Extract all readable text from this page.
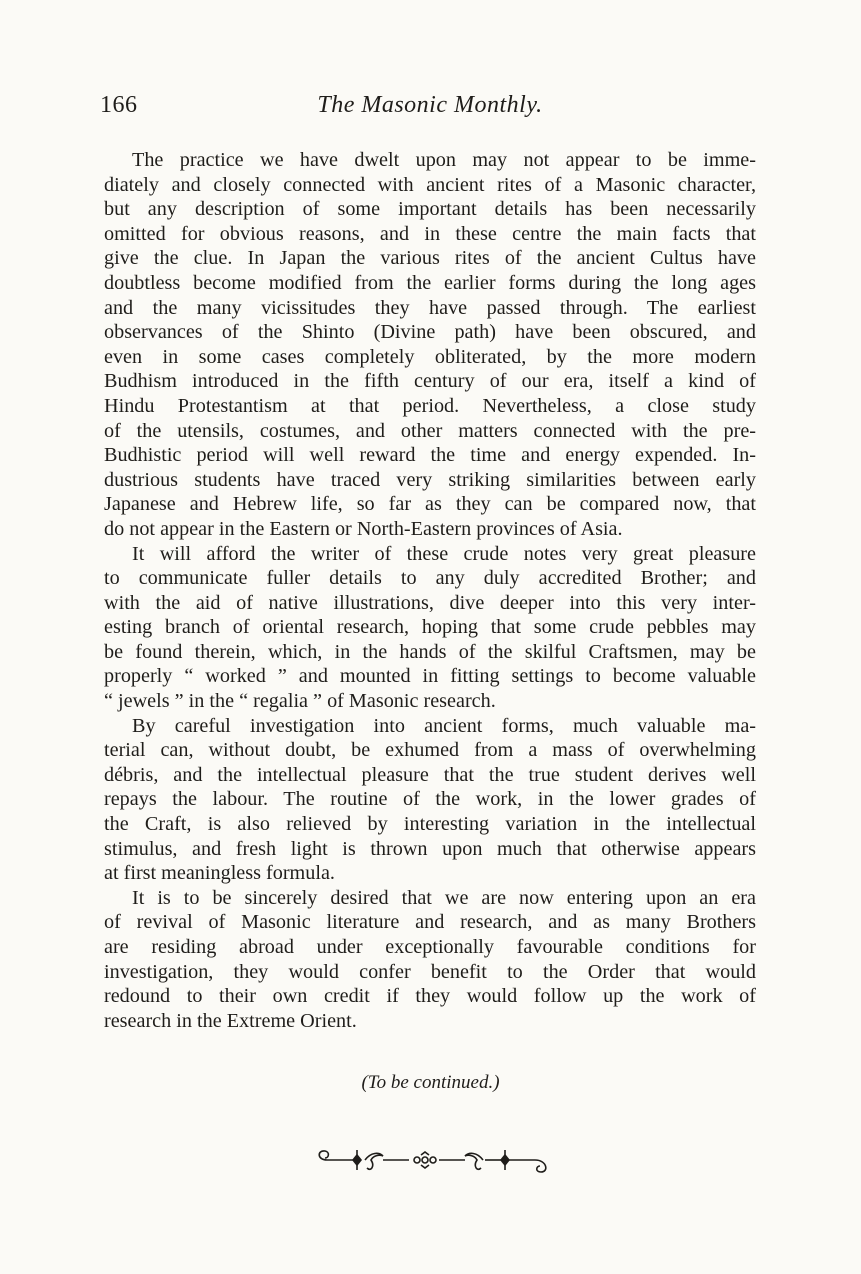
166	The Masonic Monthly.

The practice we have dwelt upon may not appear to be imme-
diately and closely connected with ancient rites of a Masonic character,
but any description of some important details has been necessarily
omitted for obvious reasons, and in these centre the main facts that
give the clue. In Japan the various rites of the ancient Cultus have
doubtless become modified from the earlier forms during the long ages
and the many vicissitudes they have passed through. The earliest
observances of the Shinto (Divine path) have been obscured, and
even in some cases completely obliterated, by the more modern
Budhism introduced in the fifth century of our era, itself a kind of
Hindu Protestantism at that period. Nevertheless, a close study
of the utensils, costumes, and other matters connected with the pre-
Budhistic period will well reward the time and energy expended. In-
dustrious students have traced very striking similarities between early
Japanese and Hebrew life, so far as they can be compared now, that
do not appear in the Eastern or North-Eastern provinces of Asia.

It will afford the writer of these crude notes very great pleasure
to communicate fuller details to any duly accredited Brother; and
with the aid of native illustrations, dive deeper into this very inter-
esting branch of oriental research, hoping that some crude pebbles may
be found therein, which, in the hands of the skilful Craftsmen, may be
properly “ worked ” and mounted in fitting settings to become valuable
“ jewels ” in the “ regalia ” of Masonic research.

By careful investigation into ancient forms, much valuable ma-
terial can, without doubt, be exhumed from a mass of overwhelming
débris, and the intellectual pleasure that the true student derives well
repays the labour. The routine of the work, in the lower grades of
the Craft, is also relieved by interesting variation in the intellectual
stimulus, and fresh light is thrown upon much that otherwise appears
at first meaningless formula.

It is to be sincerely desired that we are now entering upon an era
of revival of Masonic literature and research, and as many Brothers
are residing abroad under exceptionally favourable conditions for
investigation, they would confer benefit to the Order that would
redound to their own credit if they would follow up the work of
research in the Extreme Orient.

(To be continued.)
